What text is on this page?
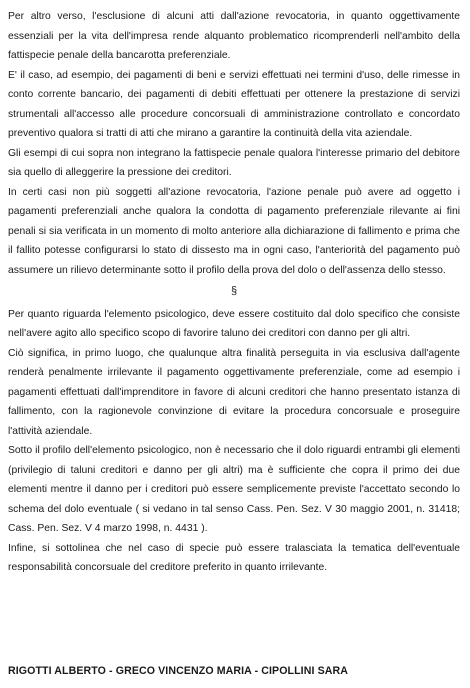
Per altro verso, l'esclusione di alcuni atti dall'azione revocatoria, in quanto oggettivamente essenziali per la vita dell'impresa rende alquanto problematico ricomprenderli nell'ambito della fattispecie penale della bancarotta preferenziale.

E' il caso, ad esempio, dei pagamenti di beni e servizi effettuati nei termini d'uso, delle rimesse in conto corrente bancario, dei pagamenti di debiti effettuati per ottenere la prestazione di servizi strumentali all'accesso alle procedure concorsuali di amministrazione controllato e concordato preventivo qualora si tratti di atti che mirano a garantire la continuità della vita aziendale.

Gli esempi di cui sopra non integrano la fattispecie penale qualora l'interesse primario del debitore sia quello di alleggerire la pressione dei creditori.

In certi casi non più soggetti all'azione revocatoria, l'azione penale può avere ad oggetto i pagamenti preferenziali anche qualora la condotta di pagamento preferenziale rilevante ai fini penali si sia verificata in un momento di molto anteriore alla dichiarazione di fallimento e prima che il fallito potesse configurarsi lo stato di dissesto ma in ogni caso, l'anteriorità del pagamento può assumere un rilievo determinante sotto il profilo della prova del dolo o dell'assenza dello stesso.

§

Per quanto riguarda l'elemento psicologico, deve essere costituito dal dolo specifico che consiste nell'avere agito allo specifico scopo di favorire taluno dei creditori con danno per gli altri.

Ciò significa, in primo luogo, che qualunque altra finalità perseguita in via esclusiva dall'agente renderà penalmente irrilevante il pagamento oggettivamente preferenziale, come ad esempio i pagamenti effettuati dall'imprenditore in favore di alcuni creditori che hanno presentato istanza di fallimento, con la ragionevole convinzione di evitare la procedura concorsuale e proseguire l'attività aziendale.

Sotto il profilo dell'elemento psicologico, non è necessario che il dolo riguardi entrambi gli elementi (privilegio di taluni creditori e danno per gli altri) ma è sufficiente che copra il primo dei due elementi mentre il danno per i creditori può essere semplicemente previste l'accettato secondo lo schema del dolo eventuale ( si vedano in tal senso Cass. Pen. Sez. V 30 maggio 2001, n. 31418; Cass. Pen. Sez. V 4 marzo 1998, n. 4431 ).

Infine, si sottolinea che nel caso di specie può essere tralasciata la tematica dell'eventuale responsabilità concorsuale del creditore preferito in quanto irrilevante.

RIGOTTI ALBERTO - GRECO VINCENZO MARIA - CIPOLLINI SARA
